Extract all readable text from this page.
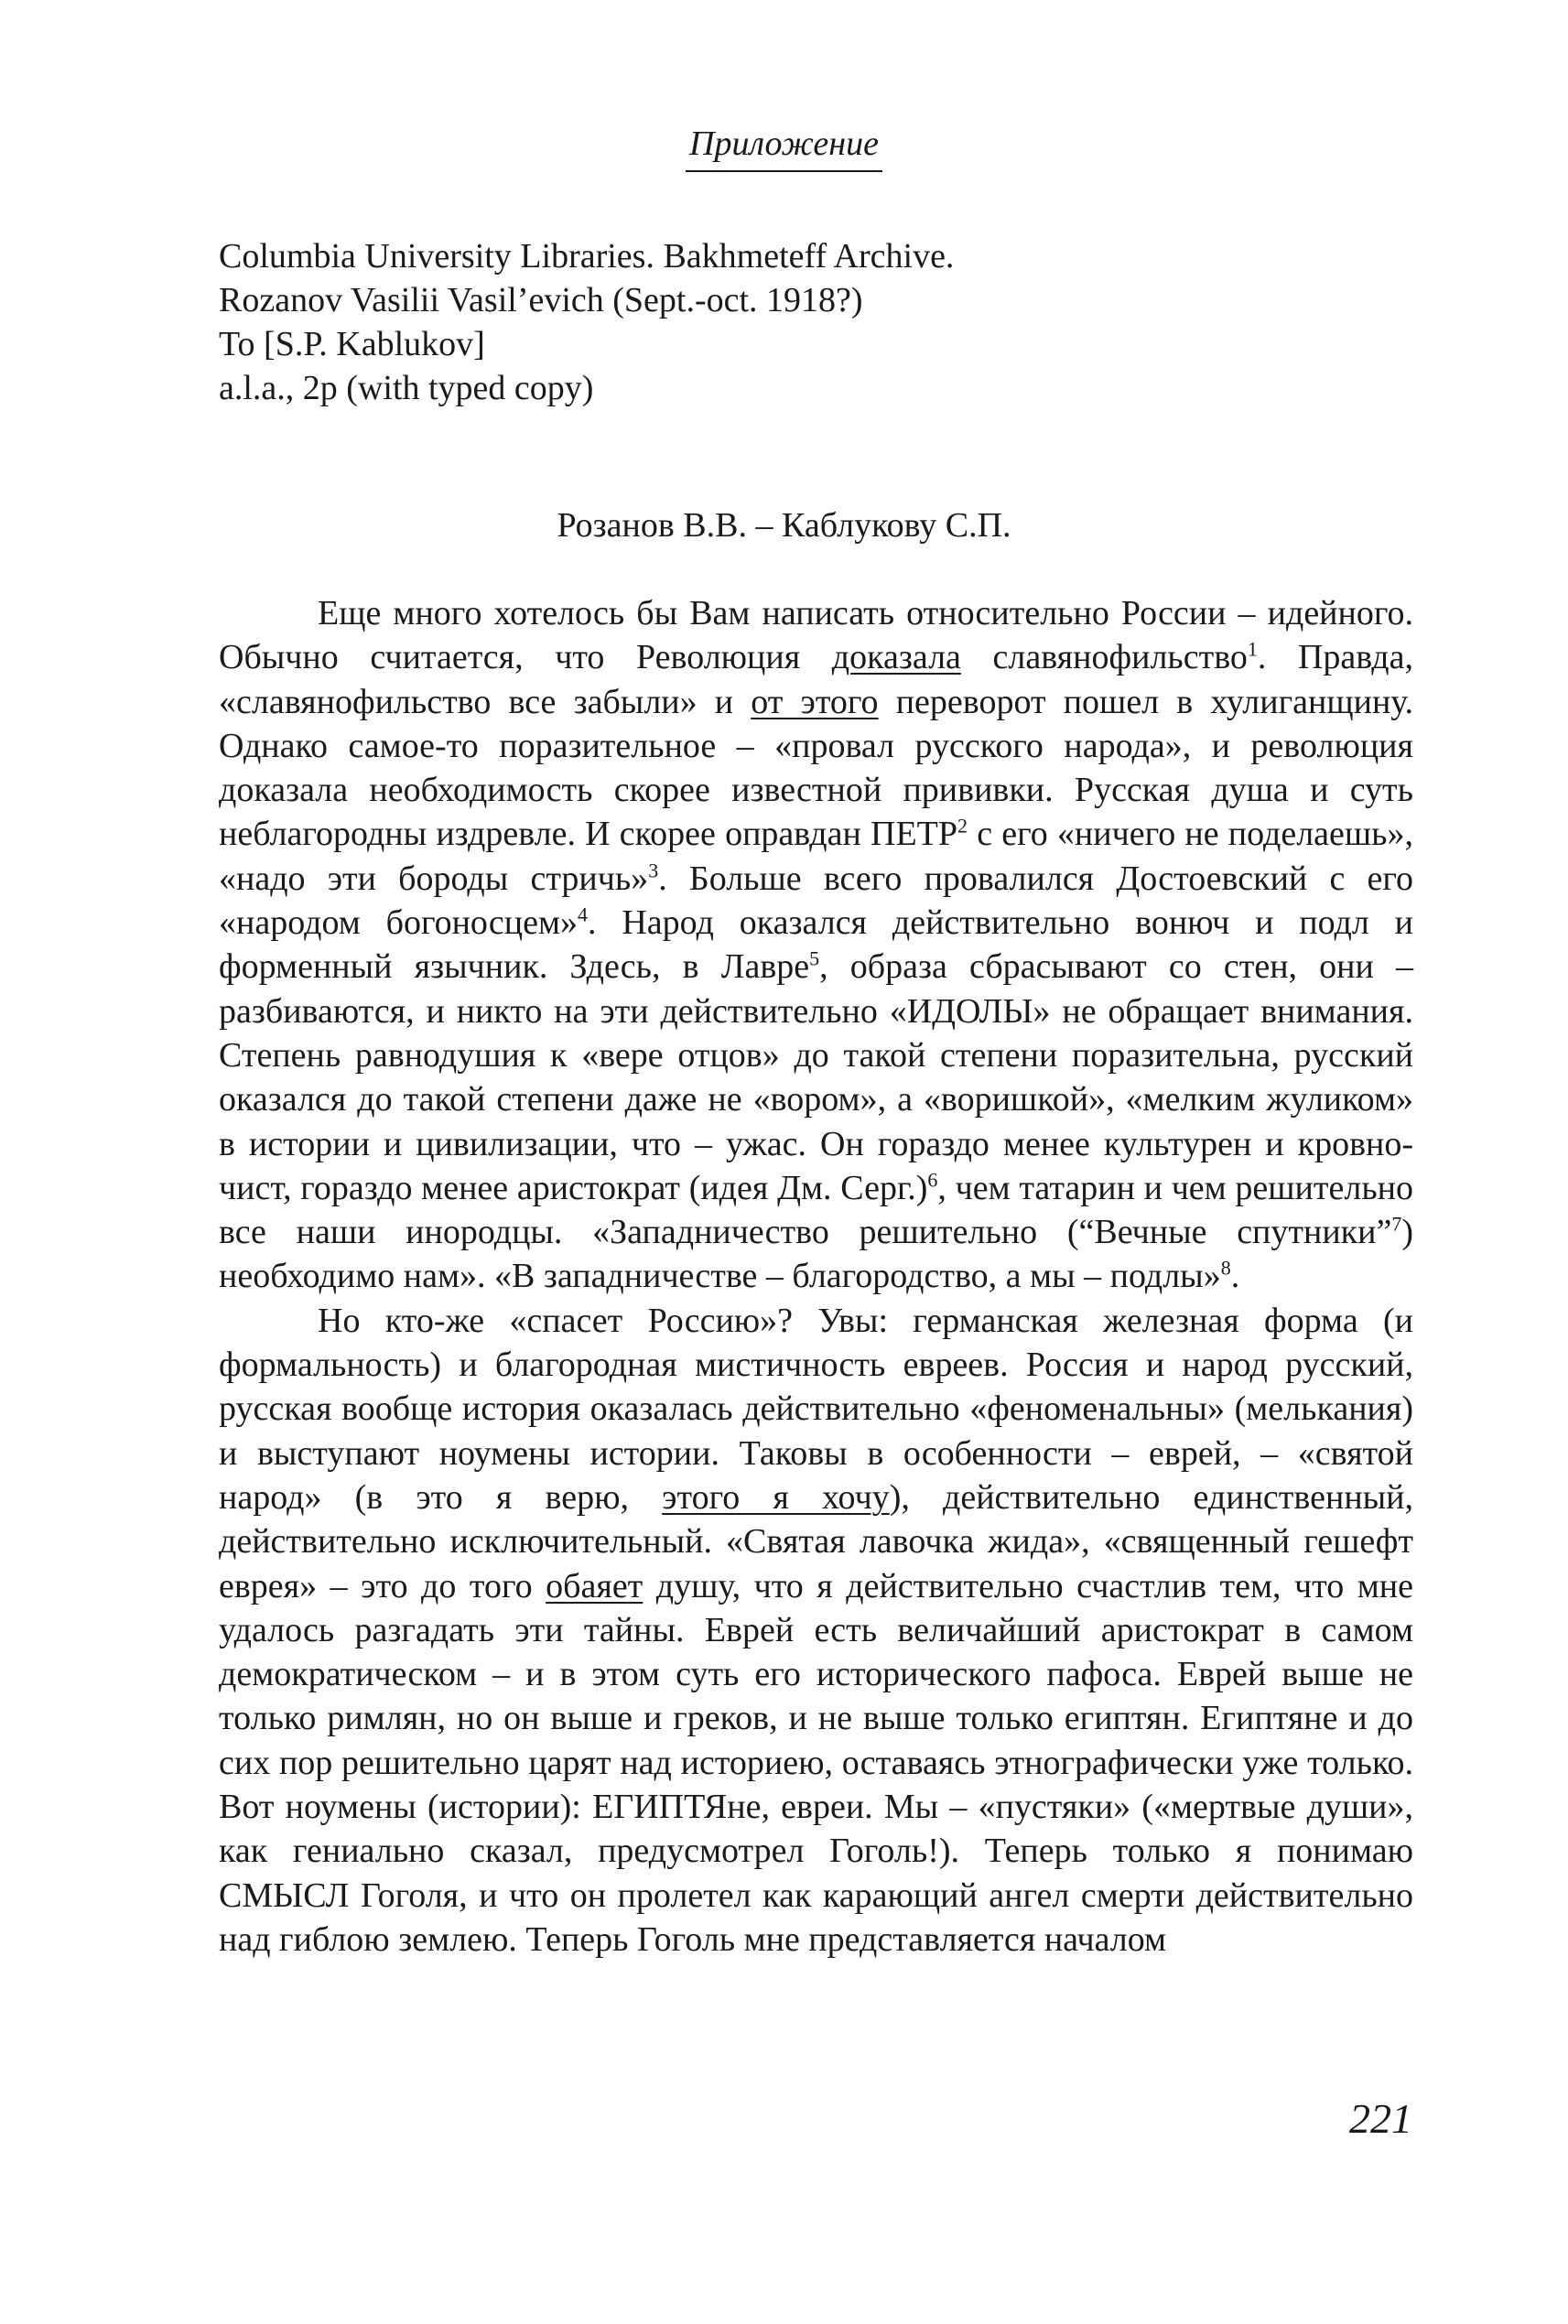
Приложение
Columbia University Libraries. Bakhmeteff Archive.
Rozanov Vasilii Vasil’evich (Sept.-oct. 1918?)
To [S.P. Kablukov]
a.l.a., 2p (with typed copy)
Розанов В.В. – Каблукову С.П.

Еще много хотелось бы Вам написать относительно России – идейного. Обычно считается, что Революция доказала славянофильство$^1$. Правда, «славянофильство все забыли» и от этого переворот пошел в хулиганщину. Однако самое-то поразительное – «провал русского народа», и революция доказала необходимость скорее известной прививки. Русская душа и суть неблагородны издревле. И скорее оправдан ПЕТР$^2$ с его «ничего не поделаешь», «надо эти бороды стричь»$^3$. Больше всего провалился Достоевский с его «народом богоносцем»$^4$. Народ оказался действительно вонюч и подл и форменный язычник. Здесь, в Лавре$^5$, образа сбрасывают со стен, они – разбиваются, и никто на эти действительно «ИДОЛЫ» не обращает внимания. Степень равнодушия к «вере отцов» до такой степени поразительна, русский оказался до такой степени даже не «вором», а «воришкой», «мелким жуликом» в истории и цивилизации, что – ужас. Он гораздо менее культурен и кровно-чист, гораздо менее аристократ (идея Дм. Серг.)$^6$, чем татарин и чем решительно все наши инородцы. «Западничество решительно (“Вечные спутники”$^7$) необходимо нам». «В западничестве – благородство, а мы – подлы»$^8$.

Но кто-же «спасет Россию»? Увы: германская железная форма (и формальность) и благородная мистичность евреев. Россия и народ русский, русская вообще история оказалась действительно «феноменальны» (мелькания) и выступают ноумены истории. Таковы в особенности – еврей, – «святой народ» (в это я верю, этого я хочу), действительно единственный, действительно исключительный. «Святая лавочка жида», «священный гешефт еврея» – это до того обаяет душу, что я действительно счастлив тем, что мне удалось разгадать эти тайны. Еврей есть величайший аристократ в самом демократическом – и в этом суть его исторического пафоса. Еврей выше не только римлян, но он выше и греков, и не выше только египтян. Египтяне и до сих пор решительно царят над историею, оставаясь этнографически уже только. Вот ноумены (истории): ЕГИПТЯне, евреи. Мы – «пустяки» («мертвые души», как гениально сказал, предусмотрел Гоголь!). Теперь только я понимаю СМЫСЛ Гоголя, и что он пролетел как карающий ангел смерти действительно над гиблою землею. Теперь Гоголь мне представляется началом

221
